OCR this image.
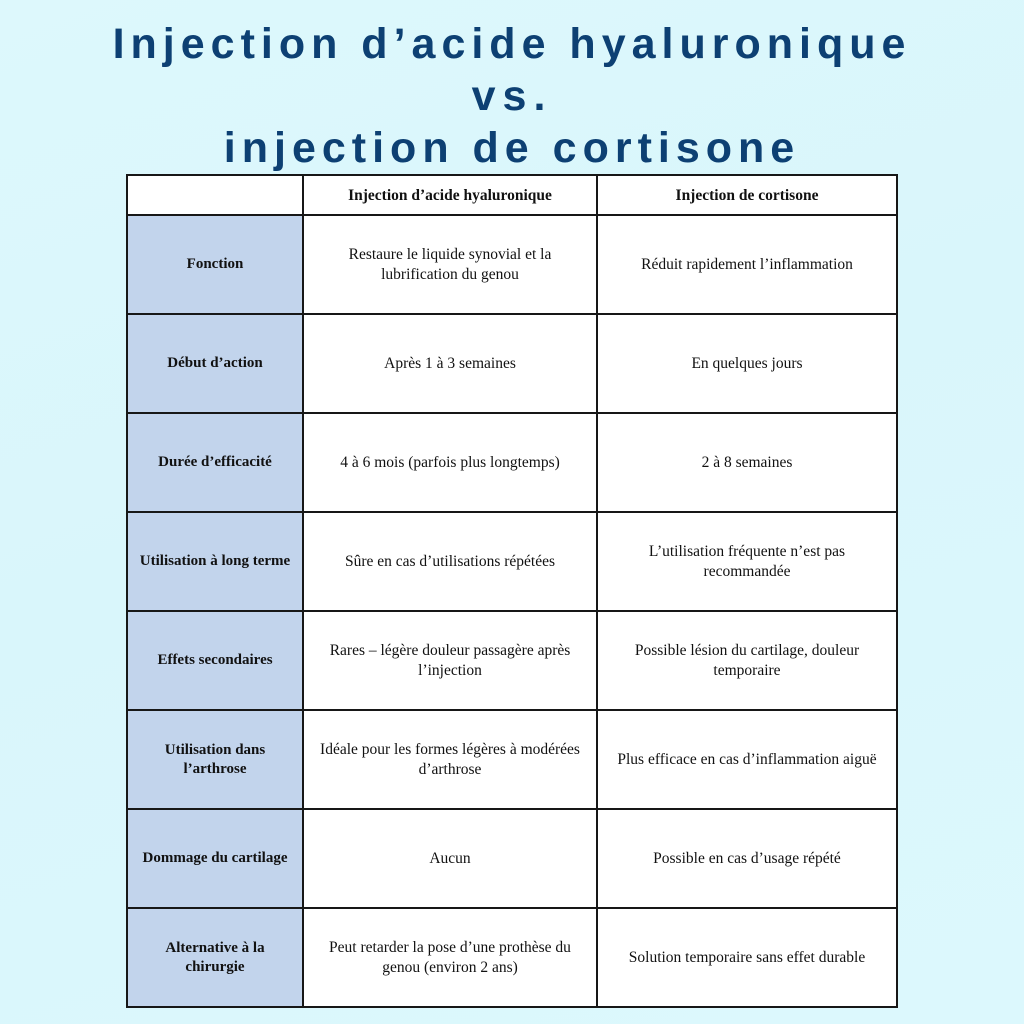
Injection d’acide hyaluronique
vs.
injection de cortisone
	Injection d’acide hyaluronique	Injection de cortisone
Fonction	Restaure le liquide synovial et la lubrification du genou	Réduit rapidement l’inflammation
Début d’action	Après 1 à 3 semaines	En quelques jours
Durée d’efficacité	4 à 6 mois (parfois plus longtemps)	2 à 8 semaines
Utilisation à long terme	Sûre en cas d’utilisations répétées	L’utilisation fréquente n’est pas recommandée
Effets secondaires	Rares – légère douleur passagère après l’injection	Possible lésion du cartilage, douleur temporaire
Utilisation dans l’arthrose	Idéale pour les formes légères à modérées d’arthrose	Plus efficace en cas d’inflammation aiguë
Dommage du cartilage	Aucun	Possible en cas d’usage répété
Alternative à la chirurgie	Peut retarder la pose d’une prothèse du genou (environ 2 ans)	Solution temporaire sans effet durable
